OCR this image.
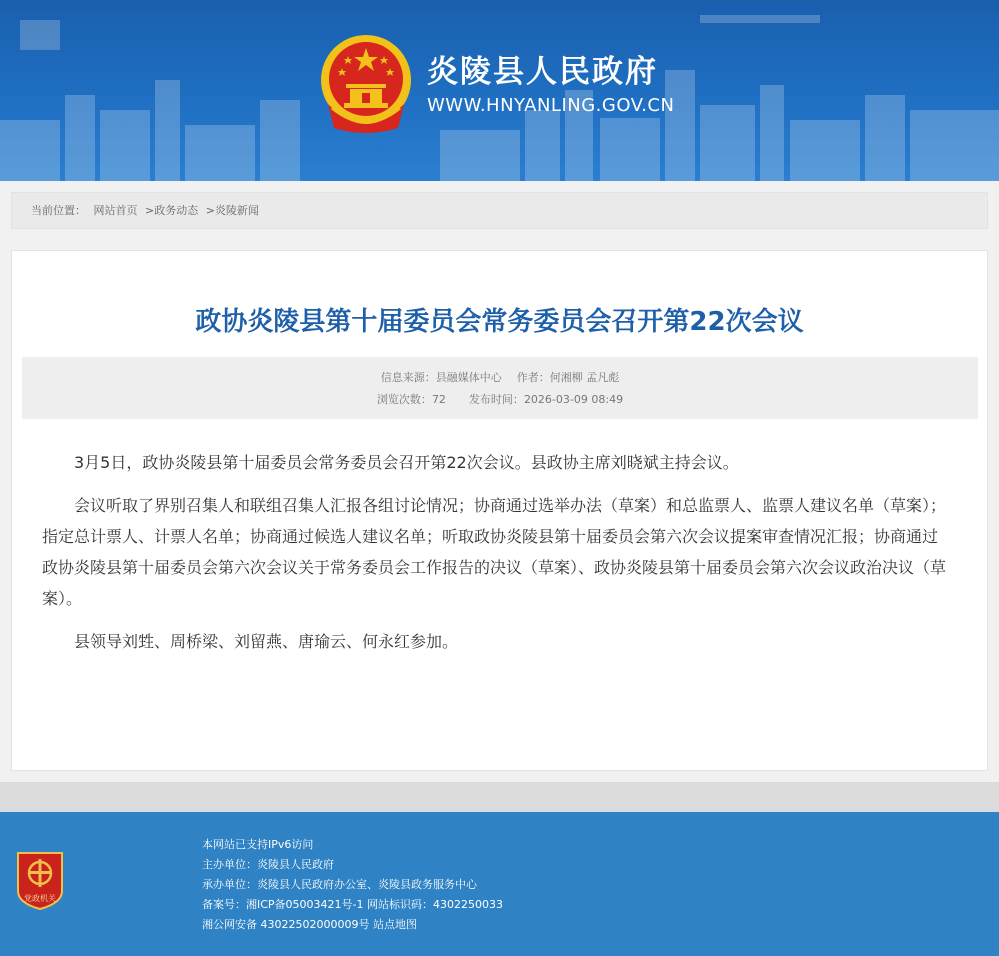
炎陵县人民政府
WWW.HNYANLING.GOV.CN
当前位置： 网站首页 >政务动态 >炎陵新闻
政协炎陵县第十届委员会常务委员会召开第22次会议
信息来源：县融媒体中心 作者：何湘柳 孟凡彪
浏览次数：72 发布时间：2026-03-09 08:49

3月5日，政协炎陵县第十届委员会常务委员会召开第22次会议。县政协主席刘晓斌主持会议。

会议听取了界别召集人和联组召集人汇报各组讨论情况；协商通过选举办法（草案）和总监票人、监票人建议名单（草案）；指定总计票人、计票人名单；协商通过候选人建议名单；听取政协炎陵县第十届委员会第六次会议提案审查情况汇报；协商通过政协炎陵县第十届委员会第六次会议关于常务委员会工作报告的决议（草案）、政协炎陵县第十届委员会第六次会议政治决议（草案）。

县领导刘甡、周桥梁、刘留燕、唐瑜云、何永红参加。

党政机关
本网站已支持IPv6访问
主办单位：炎陵县人民政府
承办单位：炎陵县人民政府办公室、炎陵县政务服务中心
备案号：湘ICP备05003421号-1 网站标识码：4302250033
湘公网安备 43022502000009号 站点地图
